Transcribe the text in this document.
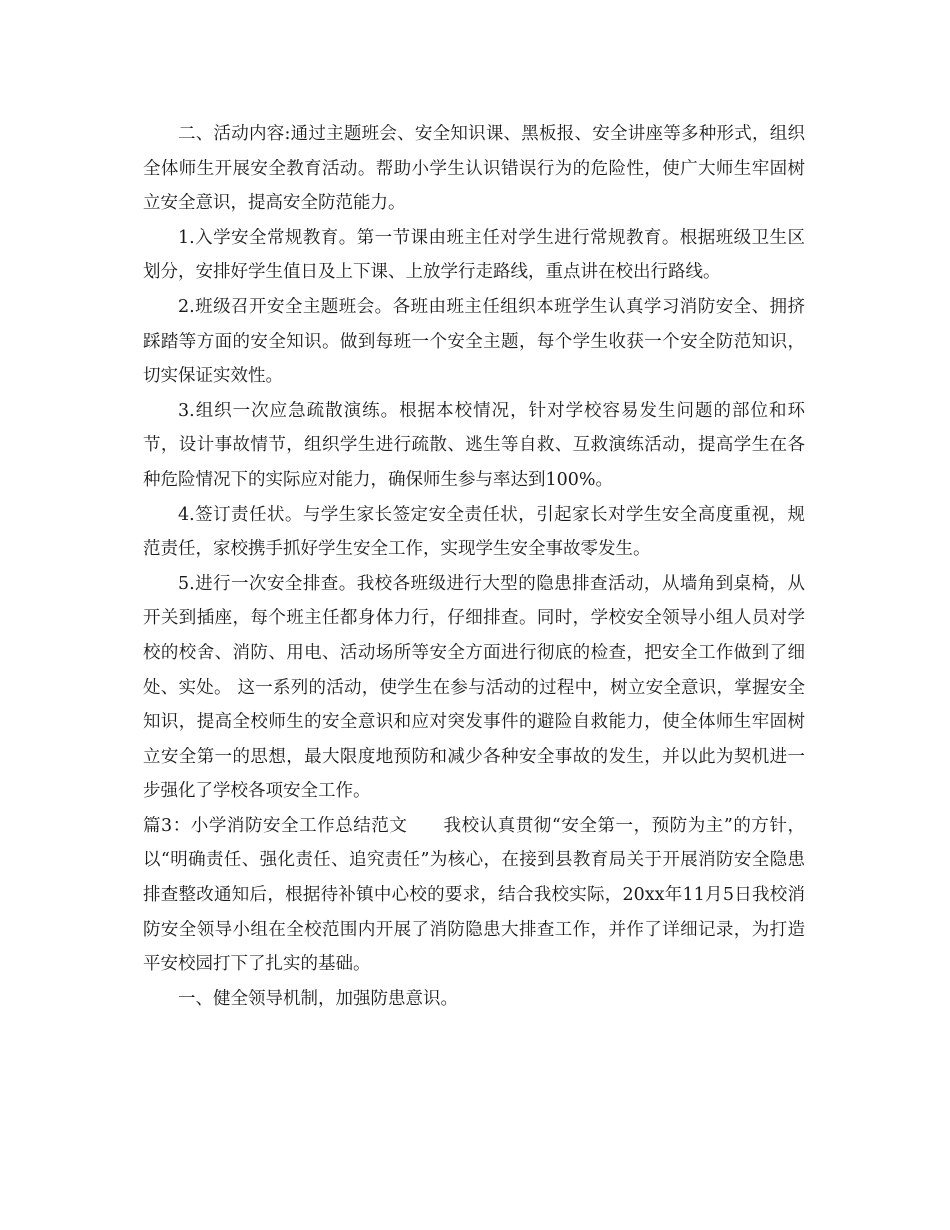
二、活动内容:通过主题班会、安全知识课、黑板报、安全讲座等多种形式，组织全体师生开展安全教育活动。帮助小学生认识错误行为的危险性，使广大师生牢固树立安全意识，提高安全防范能力。

1.入学安全常规教育。第一节课由班主任对学生进行常规教育。根据班级卫生区划分，安排好学生值日及上下课、上放学行走路线，重点讲在校出行路线。

2.班级召开安全主题班会。各班由班主任组织本班学生认真学习消防安全、拥挤踩踏等方面的安全知识。做到每班一个安全主题，每个学生收获一个安全防范知识，切实保证实效性。

3.组织一次应急疏散演练。根据本校情况，针对学校容易发生问题的部位和环节，设计事故情节，组织学生进行疏散、逃生等自救、互救演练活动，提高学生在各种危险情况下的实际应对能力，确保师生参与率达到100%。

4.签订责任状。与学生家长签定安全责任状，引起家长对学生安全高度重视，规范责任，家校携手抓好学生安全工作，实现学生安全事故零发生。

5.进行一次安全排查。我校各班级进行大型的隐患排查活动，从墙角到桌椅，从开关到插座，每个班主任都身体力行，仔细排查。同时，学校安全领导小组人员对学校的校舍、消防、用电、活动场所等安全方面进行彻底的检查，把安全工作做到了细处、实处。 这一系列的活动，使学生在参与活动的过程中，树立安全意识，掌握安全知识，提高全校师生的安全意识和应对突发事件的避险自救能力，使全体师生牢固树立安全第一的思想，最大限度地预防和减少各种安全事故的发生，并以此为契机进一步强化了学校各项安全工作。

篇3：小学消防安全工作总结范文　　我校认真贯彻“安全第一，预防为主”的方针，以“明确责任、强化责任、追究责任”为核心，在接到县教育局关于开展消防安全隐患排查整改通知后，根据待补镇中心校的要求，结合我校实际，20xx年11月5日我校消防安全领导小组在全校范围内开展了消防隐患大排查工作，并作了详细记录，为打造平安校园打下了扎实的基础。

一、健全领导机制，加强防患意识。
